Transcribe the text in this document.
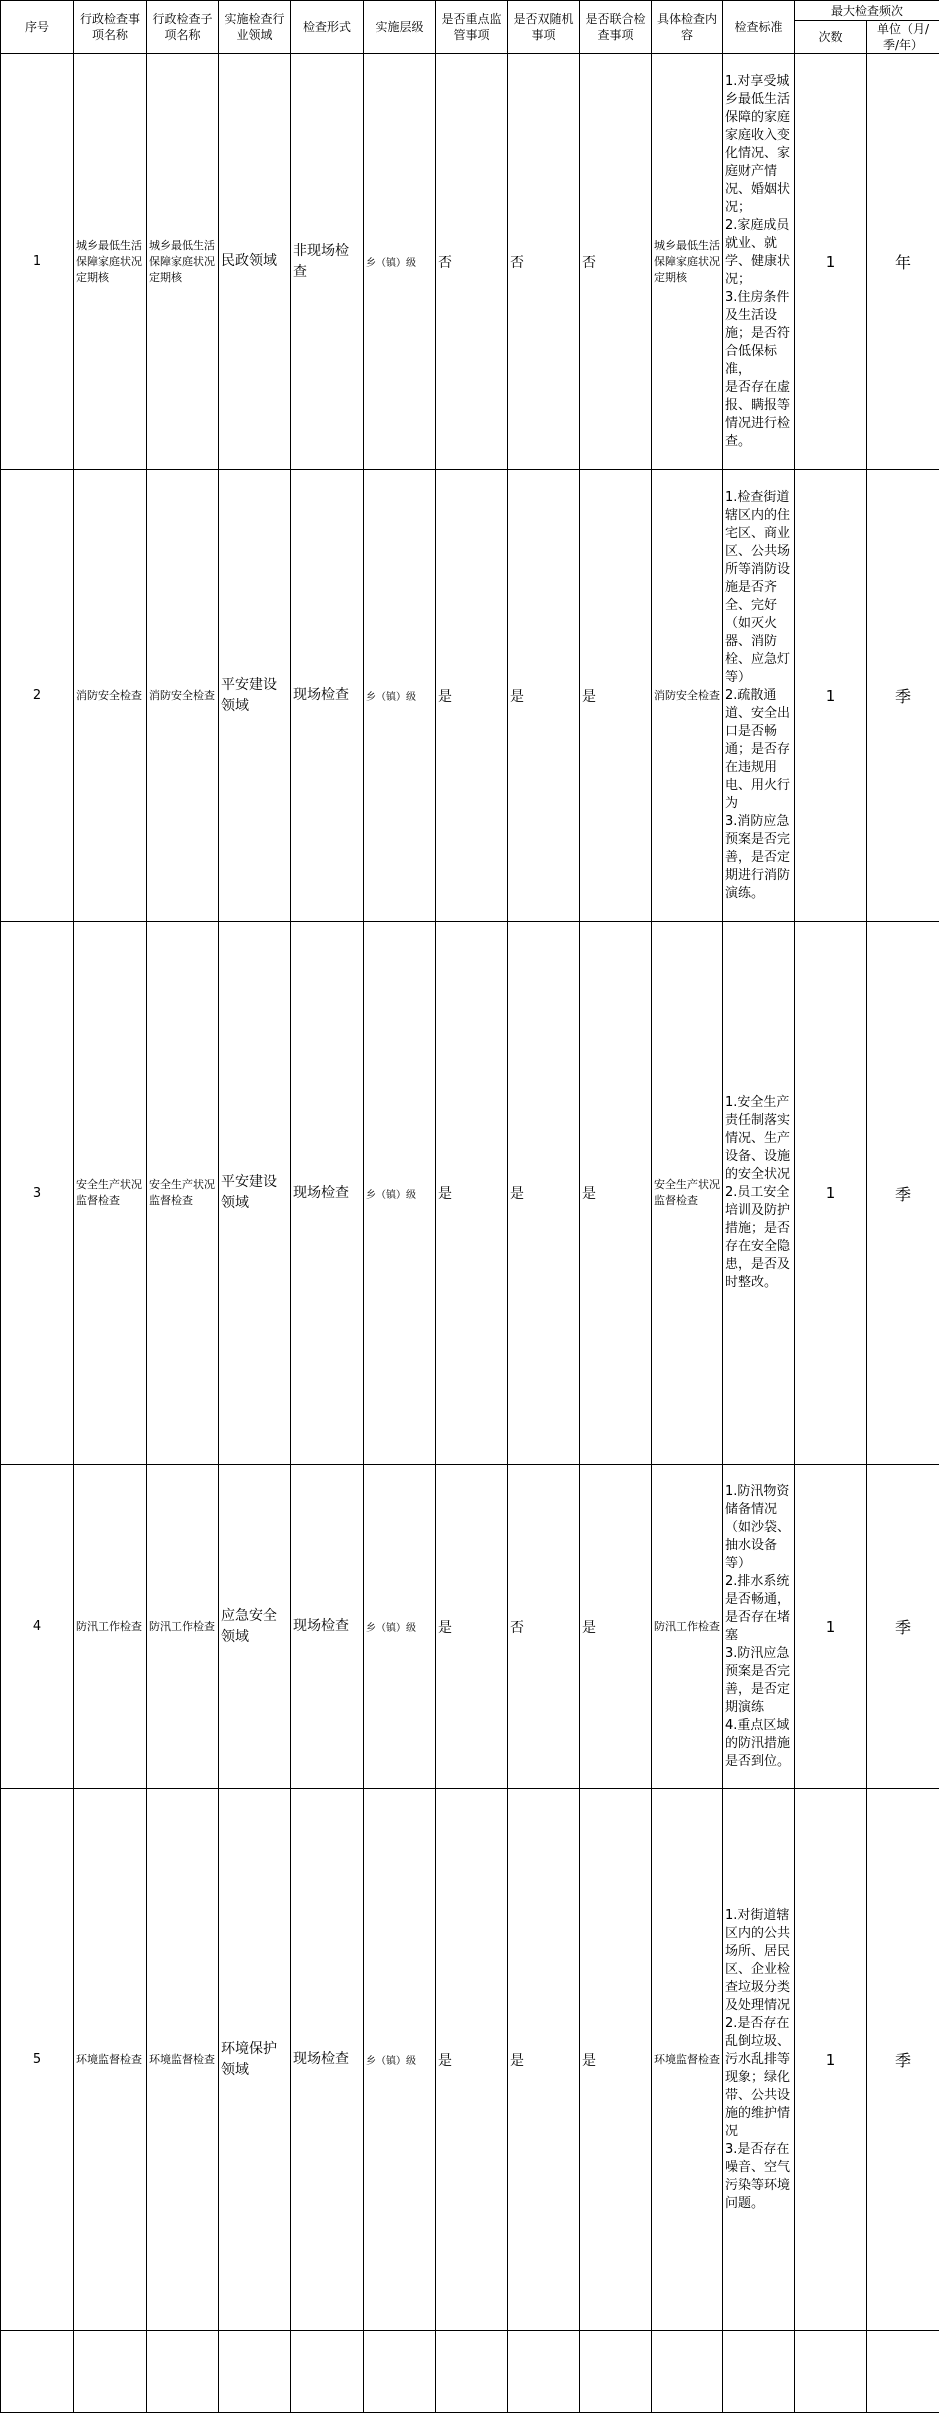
序号	行政检查事项名称	行政检查子项名称	实施检查行业领域	检查形式	实施层级	是否重点监管事项	是否双随机事项	是否联合检查事项	具体检查内容	检查标准	最大检查频次	
											次数	单位（月/季/年）
1	城乡最低生活保障家庭状况定期核	城乡最低生活保障家庭状况定期核	民政领域	非现场检查	乡（镇）级	否	否	否	城乡最低生活保障家庭状况定期核	1.对享受城乡最低生活保障的家庭家庭收入变化情况、家庭财产情况、婚姻状况；
2.家庭成员就业、就学、健康状况；
3.住房条件及生活设施；是否符合低保标准，
是否存在虚报、瞒报等情况进行检查。	1	年
2	消防安全检查	消防安全检查	平安建设领域	现场检查	乡（镇）级	是	是	是	消防安全检查	1.检查街道辖区内的住宅区、商业区、公共场所等消防设施是否齐全、完好（如灭火器、消防栓、应急灯等）
2.疏散通道、安全出口是否畅通；是否存在违规用电、用火行为
3.消防应急预案是否完善，是否定期进行消防演练。	1	季
3	安全生产状况监督检查	安全生产状况监督检查	平安建设领域	现场检查	乡（镇）级	是	是	是	安全生产状况监督检查	1.安全生产责任制落实情况、生产设备、设施的安全状况
2.员工安全培训及防护措施；是否存在安全隐患，是否及时整改。	1	季
4	防汛工作检查	防汛工作检查	应急安全领域	现场检查	乡（镇）级	是	否	是	防汛工作检查	1.防汛物资储备情况（如沙袋、抽水设备等）
2.排水系统是否畅通，是否存在堵塞
3.防汛应急预案是否完善，是否定期演练
4.重点区域的防汛措施是否到位。	1	季
5	环境监督检查	环境监督检查	环境保护领域	现场检查	乡（镇）级	是	是	是	环境监督检查	1.对街道辖区内的公共场所、居民区、企业检查垃圾分类及处理情况
2.是否存在乱倒垃圾、污水乱排等现象；绿化带、公共设施的维护情况
3.是否存在噪音、空气污染等环境问题。	1	季
